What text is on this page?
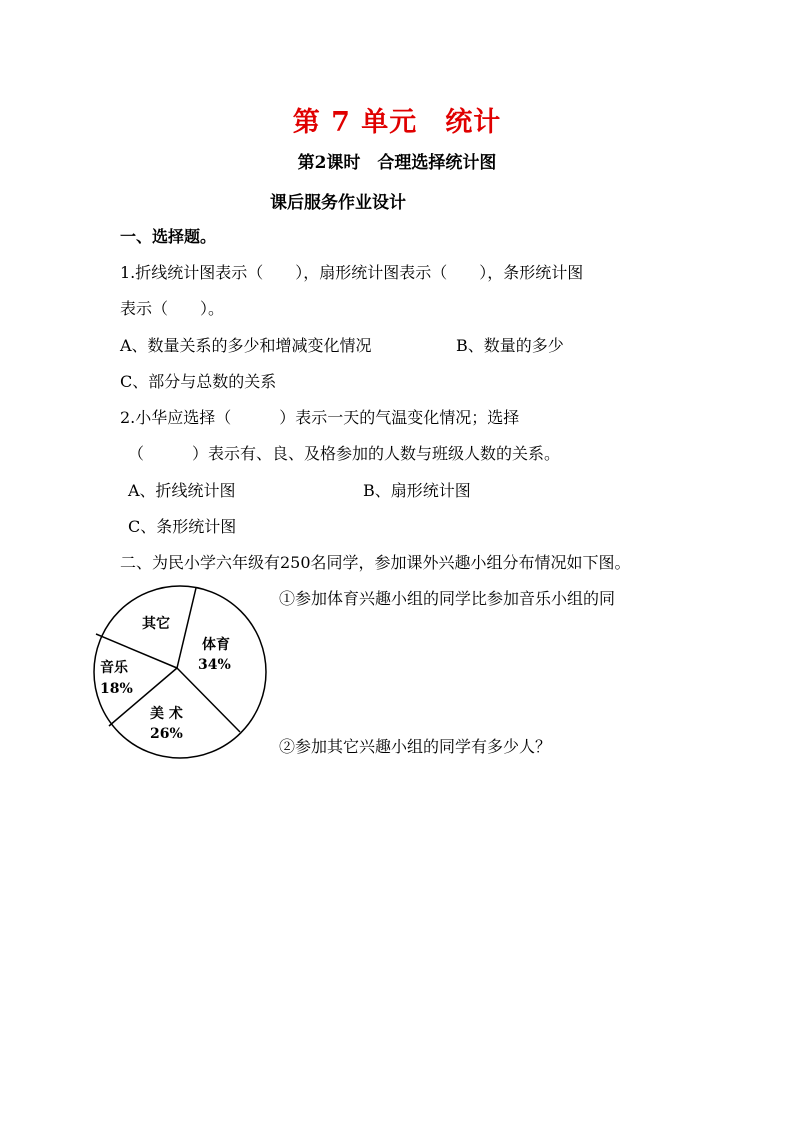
第 7 单元　统计
第2课时　合理选择统计图
课后服务作业设计
一、选择题。
1.折线统计图表示（　　），扇形统计图表示（　　），条形统计图
表示（　　）。
A、数量关系的多少和增减变化情况	B、数量的多少
C、部分与总数的关系
2.小华应选择（　　　）表示一天的气温变化情况；选择
（　　　）表示有、良、及格参加的人数与班级人数的关系。
A、折线统计图	B、扇形统计图
C、条形统计图
二、为民小学六年级有250名同学，参加课外兴趣小组分布情况如下图。
其它
体育
34%
音乐
18%
美 术
26%
①参加体育兴趣小组的同学比参加音乐小组的同
②参加其它兴趣小组的同学有多少人？
